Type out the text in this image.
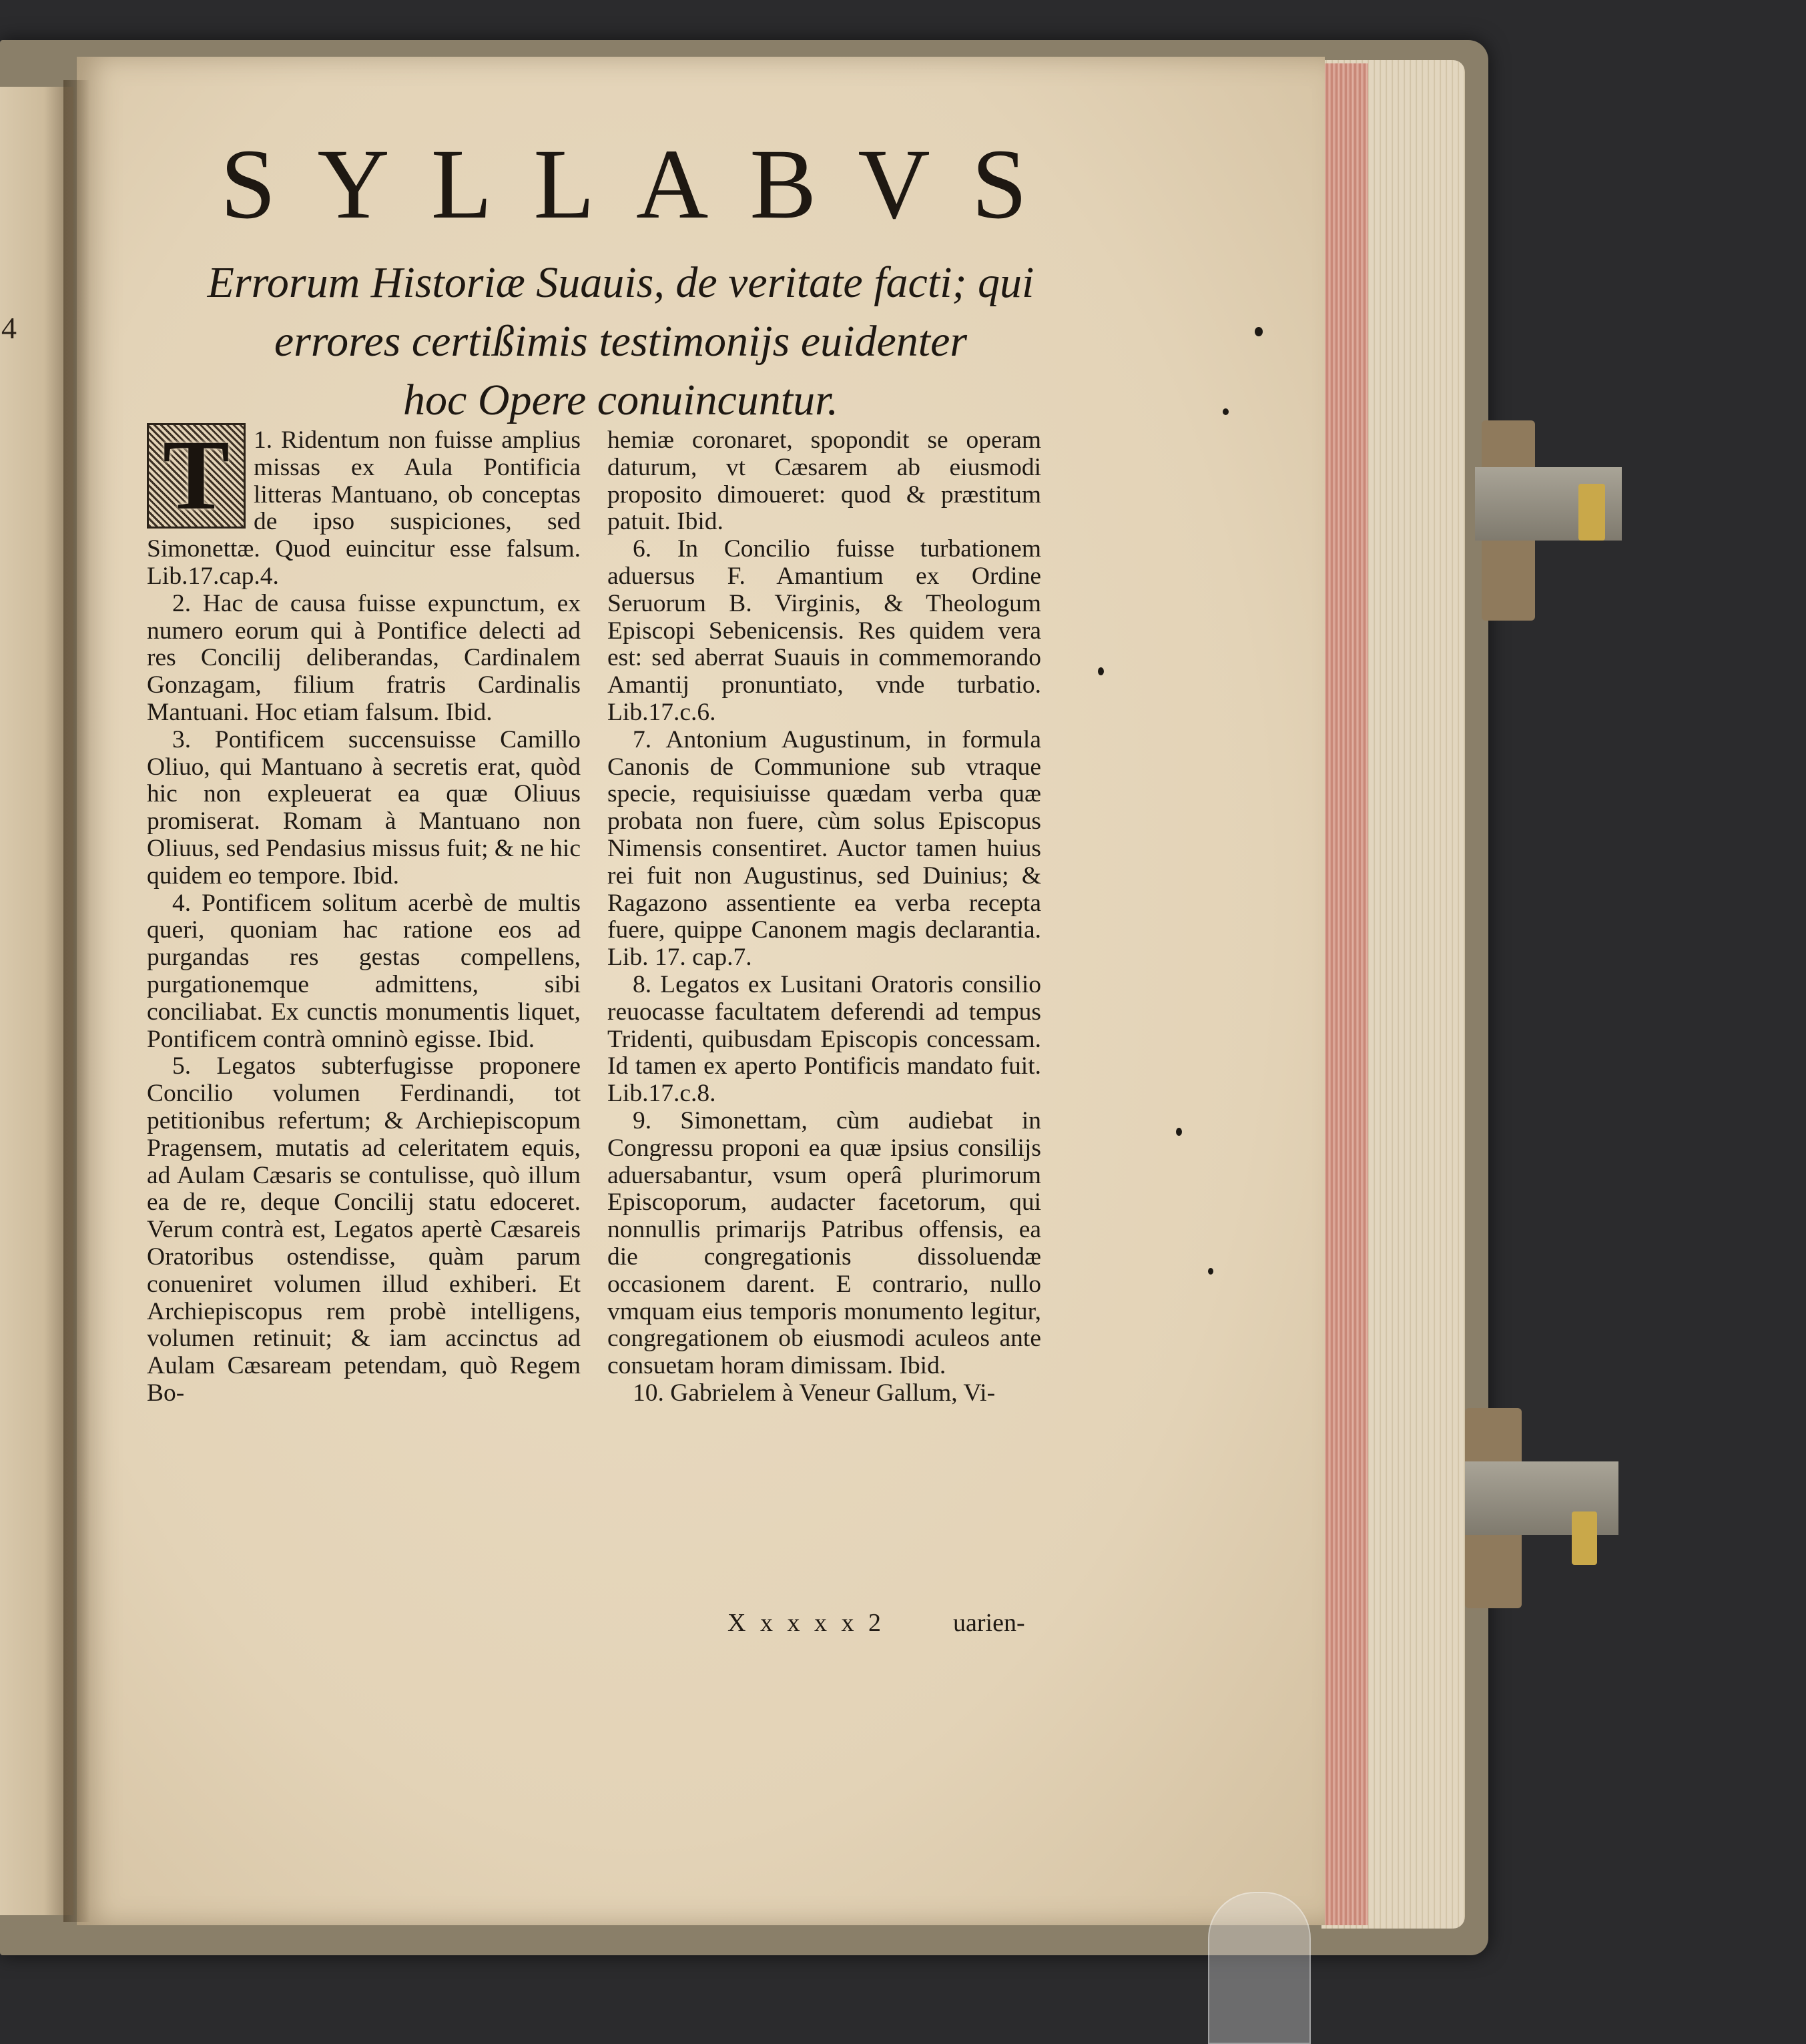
4
SYLLABVS
Errorum Historiæ Suauis, de veritate facti; qui
errores certißimis testimonijs euidenter
hoc Opere conuincuntur.
T 1. Ridentum non fuisse amplius missas ex Aula Pontificia litteras Mantuano, ob conceptas de ipso suspiciones, sed Simonettæ. Quod euincitur esse falsum. Lib.17.cap.4.

2. Hac de causa fuisse expunctum, ex numero eorum qui à Pontifice delecti ad res Concilij deliberandas, Cardinalem Gonzagam, filium fratris Cardinalis Mantuani. Hoc etiam falsum. Ibid.

3. Pontificem succensuisse Camillo Oliuo, qui Mantuano à secretis erat, quòd hic non expleuerat ea quæ Oliuus promiserat. Romam à Mantuano non Oliuus, sed Pendasius missus fuit; & ne hic quidem eo tempore. Ibid.

4. Pontificem solitum acerbè de multis queri, quoniam hac ratione eos ad purgandas res gestas compellens, purgationemque admittens, sibi conciliabat. Ex cunctis monumentis liquet, Pontificem contrà omninò egisse. Ibid.

5. Legatos subterfugisse proponere Concilio volumen Ferdinandi, tot petitionibus refertum; & Archiepiscopum Pragensem, mutatis ad celeritatem equis, ad Aulam Cæsaris se contulisse, quò illum ea de re, deque Concilij statu edoceret. Verum contrà est, Legatos apertè Cæsareis Oratoribus ostendisse, quàm parum conueniret volumen illud exhiberi. Et Archiepiscopus rem probè intelligens, volumen retinuit; & iam accinctus ad Aulam Cæsaream petendam, quò Regem Bo-

hemiæ coronaret, spopondit se operam daturum, vt Cæsarem ab eiusmodi proposito dimoueret: quod & præstitum patuit. Ibid.

6. In Concilio fuisse turbationem aduersus F. Amantium ex Ordine Seruorum B. Virginis, & Theologum Episcopi Sebenicensis. Res quidem vera est: sed aberrat Suauis in commemorando Amantij pronuntiato, vnde turbatio. Lib.17.c.6.

7. Antonium Augustinum, in formula Canonis de Communione sub vtraque specie, requisiuisse quædam verba quæ probata non fuere, cùm solus Episcopus Nimensis consentiret. Auctor tamen huius rei fuit non Augustinus, sed Duinius; & Ragazono assentiente ea verba recepta fuere, quippe Canonem magis declarantia. Lib. 17. cap.7.

8. Legatos ex Lusitani Oratoris consilio reuocasse facultatem deferendi ad tempus Tridenti, quibusdam Episcopis concessam. Id tamen ex aperto Pontificis mandato fuit. Lib.17.c.8.

9. Simonettam, cùm audiebat in Congressu proponi ea quæ ipsius consilijs aduersabantur, vsum operâ plurimorum Episcoporum, audacter facetorum, qui nonnullis primarijs Patribus offensis, ea die congregationis dissoluendæ occasionem darent. E contrario, nullo vmquam eius temporis monumento legitur, congregationem ob eiusmodi aculeos ante consuetam horam dimissam. Ibid.

10. Gabrielem à Veneur Gallum, Vi-

X x x x x 2	uarien-
